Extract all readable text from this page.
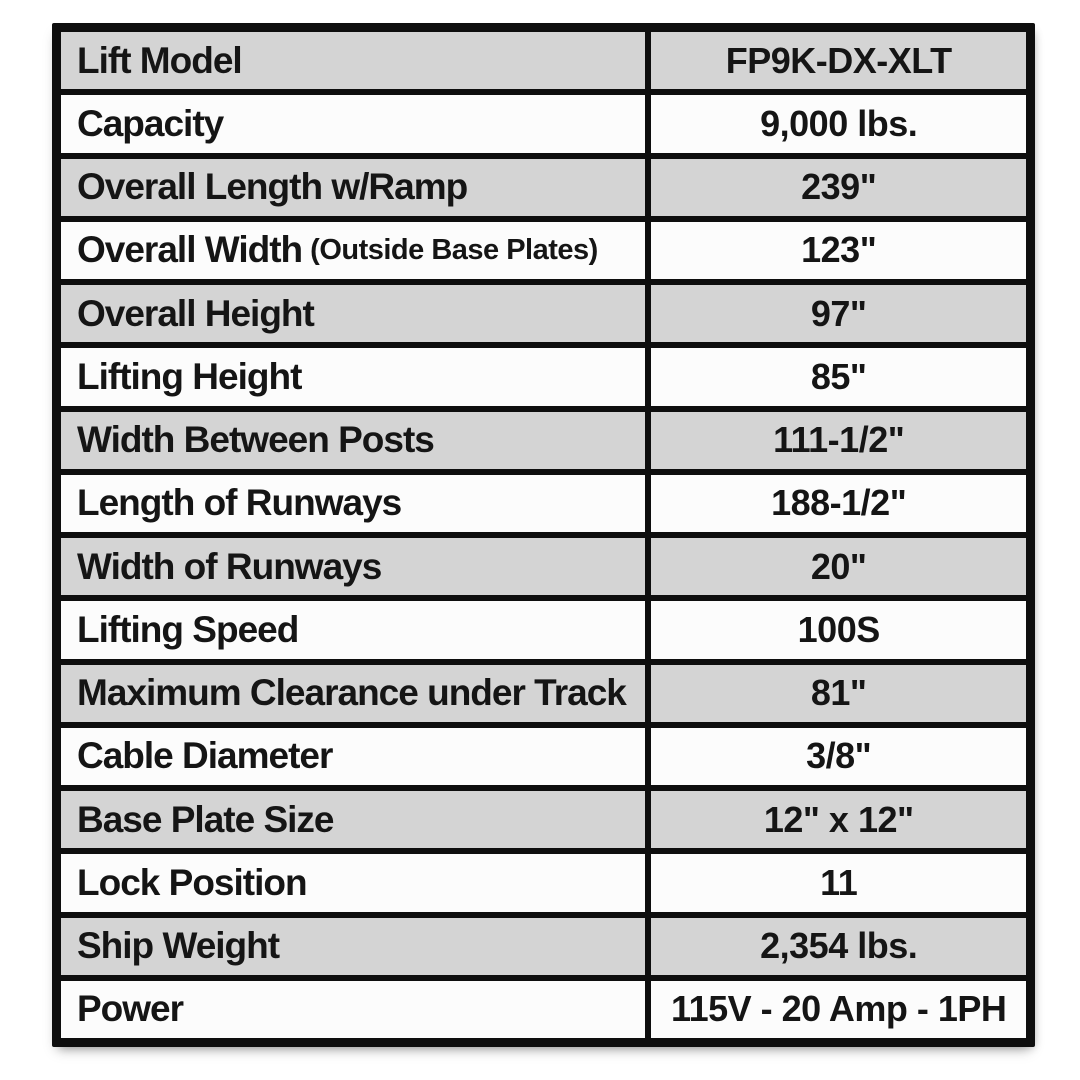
Lift Model	FP9K-DX-XLT
Capacity	9,000 lbs.
Overall Length w/Ramp	239"
Overall Width (Outside Base Plates)	123"
Overall Height	97"
Lifting Height	85"
Width Between Posts	111-1/2"
Length of Runways	188-1/2"
Width of Runways	20"
Lifting Speed	100S
Maximum Clearance under Track	81"
Cable Diameter	3/8"
Base Plate Size	12" x 12"
Lock Position	11
Ship Weight	2,354 lbs.
Power	115V - 20 Amp - 1PH
